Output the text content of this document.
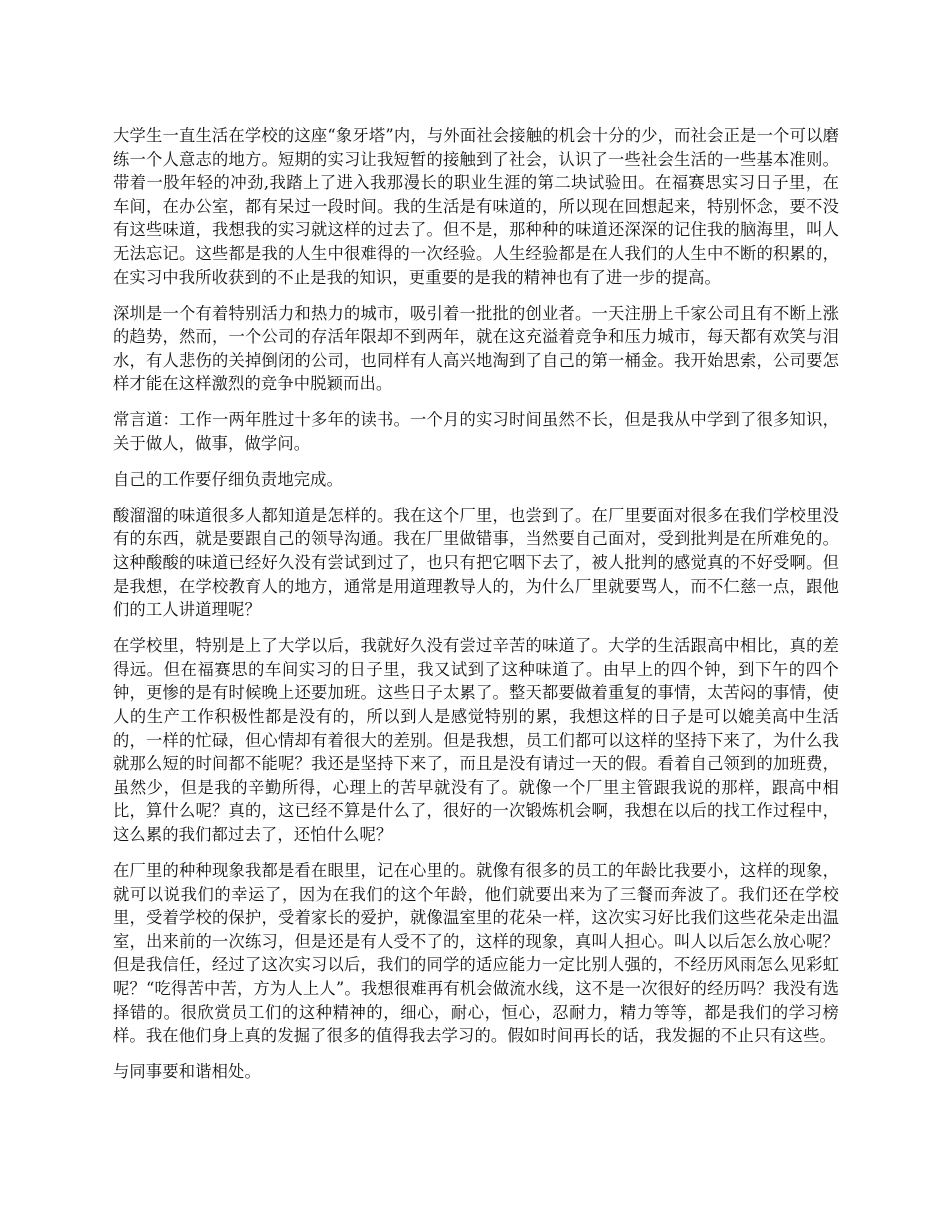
大学生一直生活在学校的这座“象牙塔”内，与外面社会接触的机会十分的少，而社会正是一个可以磨练一个人意志的地方。短期的实习让我短暂的接触到了社会，认识了一些社会生活的一些基本准则。带着一股年轻的冲劲,我踏上了进入我那漫长的职业生涯的第二块试验田。在福赛思实习日子里，在车间，在办公室，都有呆过一段时间。我的生活是有味道的，所以现在回想起来，特别怀念，要不没有这些味道，我想我的实习就这样的过去了。但不是，那种种的味道还深深的记住我的脑海里，叫人无法忘记。这些都是我的人生中很难得的一次经验。人生经验都是在人我们的人生中不断的积累的，在实习中我所收获到的不止是我的知识，更重要的是我的精神也有了进一步的提高。

深圳是一个有着特别活力和热力的城市，吸引着一批批的创业者。一天注册上千家公司且有不断上涨的趋势，然而，一个公司的存活年限却不到两年，就在这充溢着竞争和压力城市，每天都有欢笑与泪水，有人悲伤的关掉倒闭的公司，也同样有人高兴地淘到了自己的第一桶金。我开始思索，公司要怎样才能在这样激烈的竞争中脱颖而出。

常言道：工作一两年胜过十多年的读书。一个月的实习时间虽然不长，但是我从中学到了很多知识，关于做人，做事，做学问。

自己的工作要仔细负责地完成。

酸溜溜的味道很多人都知道是怎样的。我在这个厂里，也尝到了。在厂里要面对很多在我们学校里没有的东西，就是要跟自己的领导沟通。我在厂里做错事，当然要自己面对，受到批判是在所难免的。这种酸酸的味道已经好久没有尝试到过了，也只有把它咽下去了，被人批判的感觉真的不好受啊。但是我想，在学校教育人的地方，通常是用道理教导人的，为什么厂里就要骂人，而不仁慈一点，跟他们的工人讲道理呢？

在学校里，特别是上了大学以后，我就好久没有尝过辛苦的味道了。大学的生活跟高中相比，真的差得远。但在福赛思的车间实习的日子里，我又试到了这种味道了。由早上的四个钟，到下午的四个钟，更惨的是有时候晚上还要加班。这些日子太累了。整天都要做着重复的事情，太苦闷的事情，使人的生产工作积极性都是没有的，所以到人是感觉特别的累，我想这样的日子是可以媲美高中生活的，一样的忙碌，但心情却有着很大的差别。但是我想，员工们都可以这样的坚持下来了，为什么我就那么短的时间都不能呢？我还是坚持下来了，而且是没有请过一天的假。看着自己领到的加班费，虽然少，但是我的辛勤所得，心理上的苦早就没有了。就像一个厂里主管跟我说的那样，跟高中相比，算什么呢？真的，这已经不算是什么了，很好的一次锻炼机会啊，我想在以后的找工作过程中，这么累的我们都过去了，还怕什么呢？

在厂里的种种现象我都是看在眼里，记在心里的。就像有很多的员工的年龄比我要小，这样的现象，就可以说我们的幸运了，因为在我们的这个年龄，他们就要出来为了三餐而奔波了。我们还在学校里，受着学校的保护，受着家长的爱护，就像温室里的花朵一样，这次实习好比我们这些花朵走出温室，出来前的一次练习，但是还是有人受不了的，这样的现象，真叫人担心。叫人以后怎么放心呢？但是我信任，经过了这次实习以后，我们的同学的适应能力一定比别人强的，不经历风雨怎么见彩虹呢？“吃得苦中苦，方为人上人”。我想很难再有机会做流水线，这不是一次很好的经历吗？我没有选择错的。很欣赏员工们的这种精神的，细心，耐心，恒心，忍耐力，精力等等，都是我们的学习榜样。我在他们身上真的发掘了很多的值得我去学习的。假如时间再长的话，我发掘的不止只有这些。

与同事要和谐相处。
